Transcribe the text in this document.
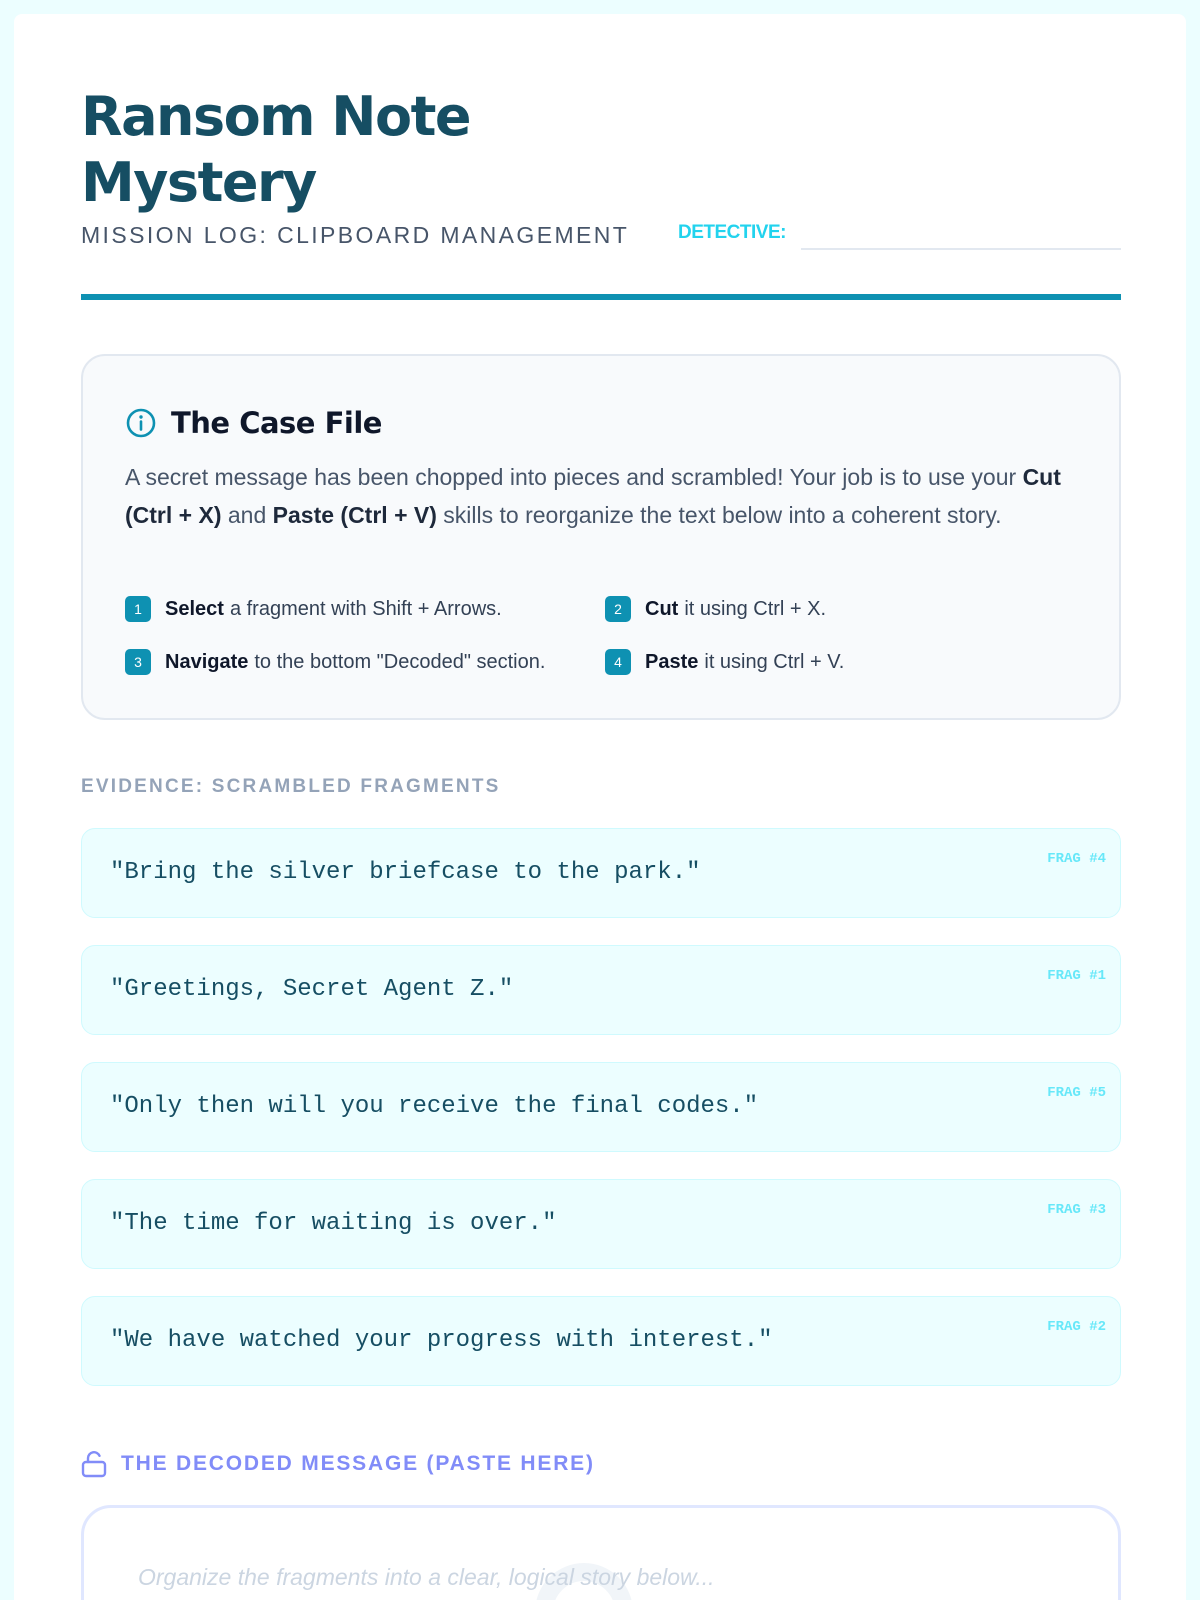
Ransom Note Mystery
MISSION LOG: CLIPBOARD MANAGEMENT	DETECTIVE:
The Case File

A secret message has been chopped into pieces and scrambled! Your job is to use your Cut (Ctrl + X) and Paste (Ctrl + V) skills to reorganize the text below into a coherent story.

1	Select a fragment with Shift + Arrows.	2	Cut it using Ctrl + X.
3	Navigate to the bottom "Decoded" section.	4	Paste it using Ctrl + V.
EVIDENCE: SCRAMBLED FRAGMENTS
"Bring the silver briefcase to the park."	FRAG #4
"Greetings, Secret Agent Z."	FRAG #1
"Only then will you receive the final codes."	FRAG #5
"The time for waiting is over."	FRAG #3
"We have watched your progress with interest."	FRAG #2
THE DECODED MESSAGE (PASTE HERE)
Organize the fragments into a clear, logical story below...
